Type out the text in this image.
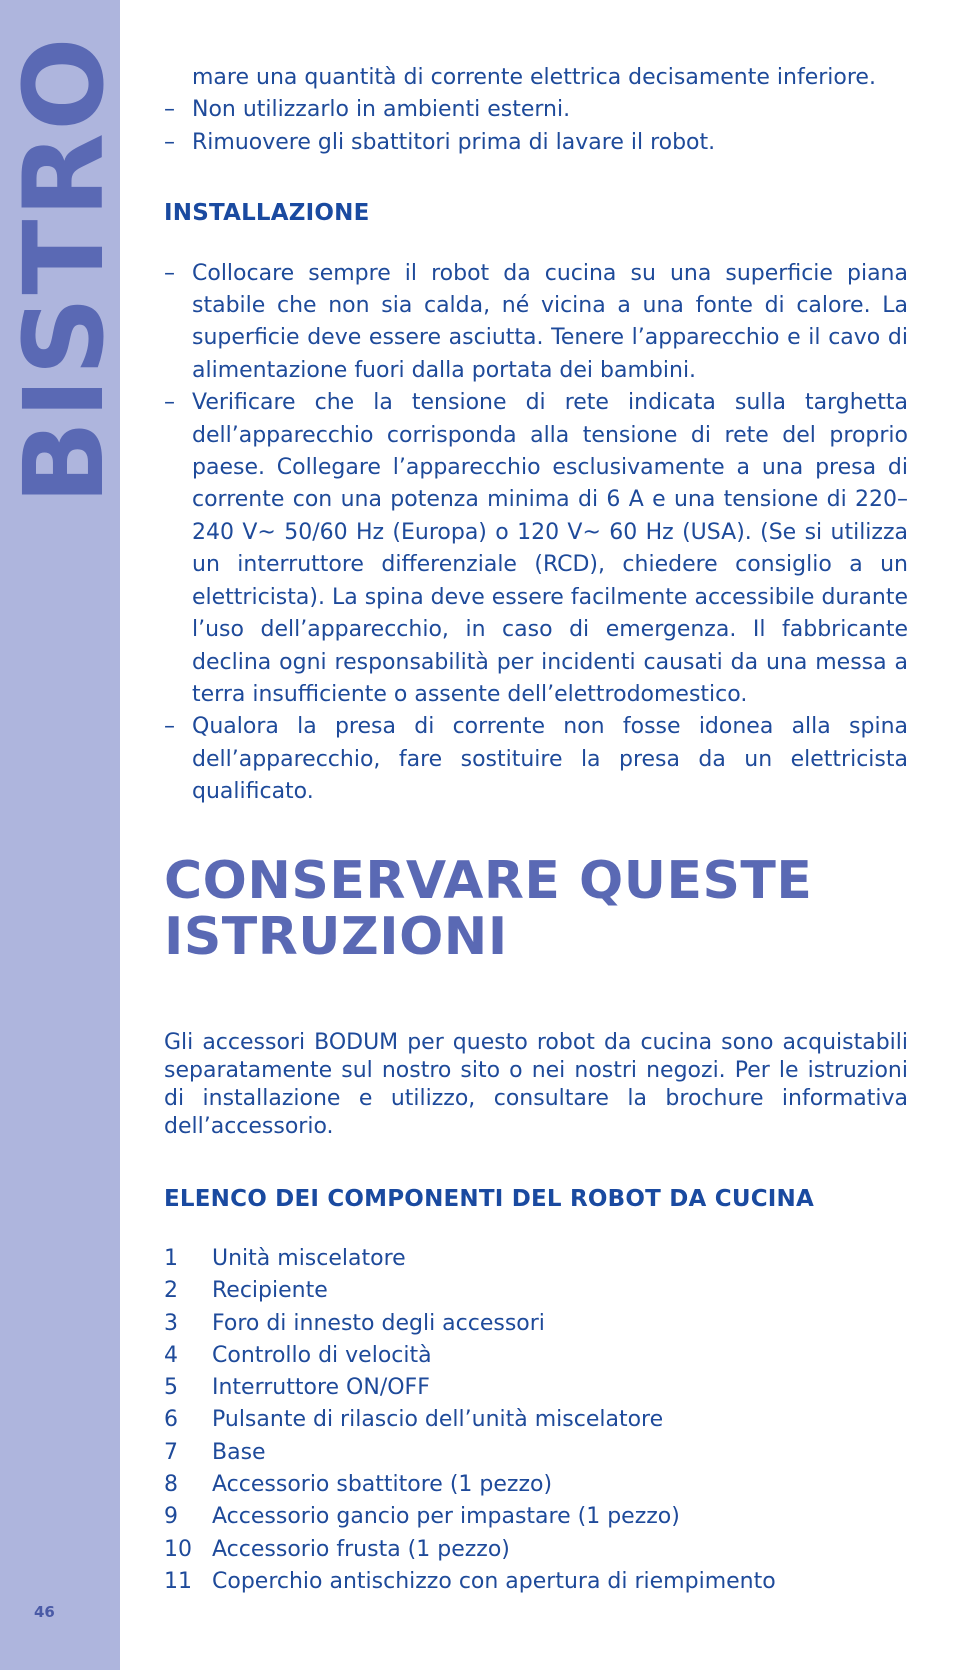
BISTRO
46

mare una quantità di corrente elettrica decisamente inferiore.

– Non utilizzarlo in ambienti esterni.

– Rimuovere gli sbattitori prima di lavare il robot.

INSTALLAZIONE

– Collocare sempre il robot da cucina su una superficie piana stabile che non sia calda, né vicina a una fonte di calore. La superficie deve essere asciutta. Tenere l’apparecchio e il cavo di alimentazione fuori dalla portata dei bambini.

– Verificare che la tensione di rete indicata sulla targhetta dell’apparecchio corrisponda alla tensione di rete del proprio paese. Collegare l’apparecchio esclusivamente a una presa di corrente con una potenza minima di 6 A e una tensione di 220–240 V~ 50/60 Hz (Europa) o 120 V~ 60 Hz (USA). (Se si utilizza un interruttore differenziale (RCD), chiedere consiglio a un elettricista). La spina deve essere facilmente accessibile durante l’uso dell’apparecchio, in caso di emergenza. Il fabbricante declina ogni responsabilità per incidenti causati da una messa a terra insufficiente o assente dell’elettrodomestico.

– Qualora la presa di corrente non fosse idonea alla spina dell’apparecchio, fare sostituire la presa da un elettricista qualificato.

CONSERVARE QUESTE
ISTRUZIONI

Gli accessori BODUM per questo robot da cucina sono acquistabili separatamente sul nostro sito o nei nostri negozi. Per le istruzioni di installazione e utilizzo, consultare la brochure informativa dell’accessorio.

ELENCO DEI COMPONENTI DEL ROBOT DA CUCINA
1	Unità miscelatore
2	Recipiente
3	Foro di innesto degli accessori
4	Controllo di velocità
5	Interruttore ON/OFF
6	Pulsante di rilascio dell’unità miscelatore
7	Base
8	Accessorio sbattitore (1 pezzo)
9	Accessorio gancio per impastare (1 pezzo)
10 Accessorio frusta (1 pezzo)
11 Coperchio antischizzo con apertura di riempimento
